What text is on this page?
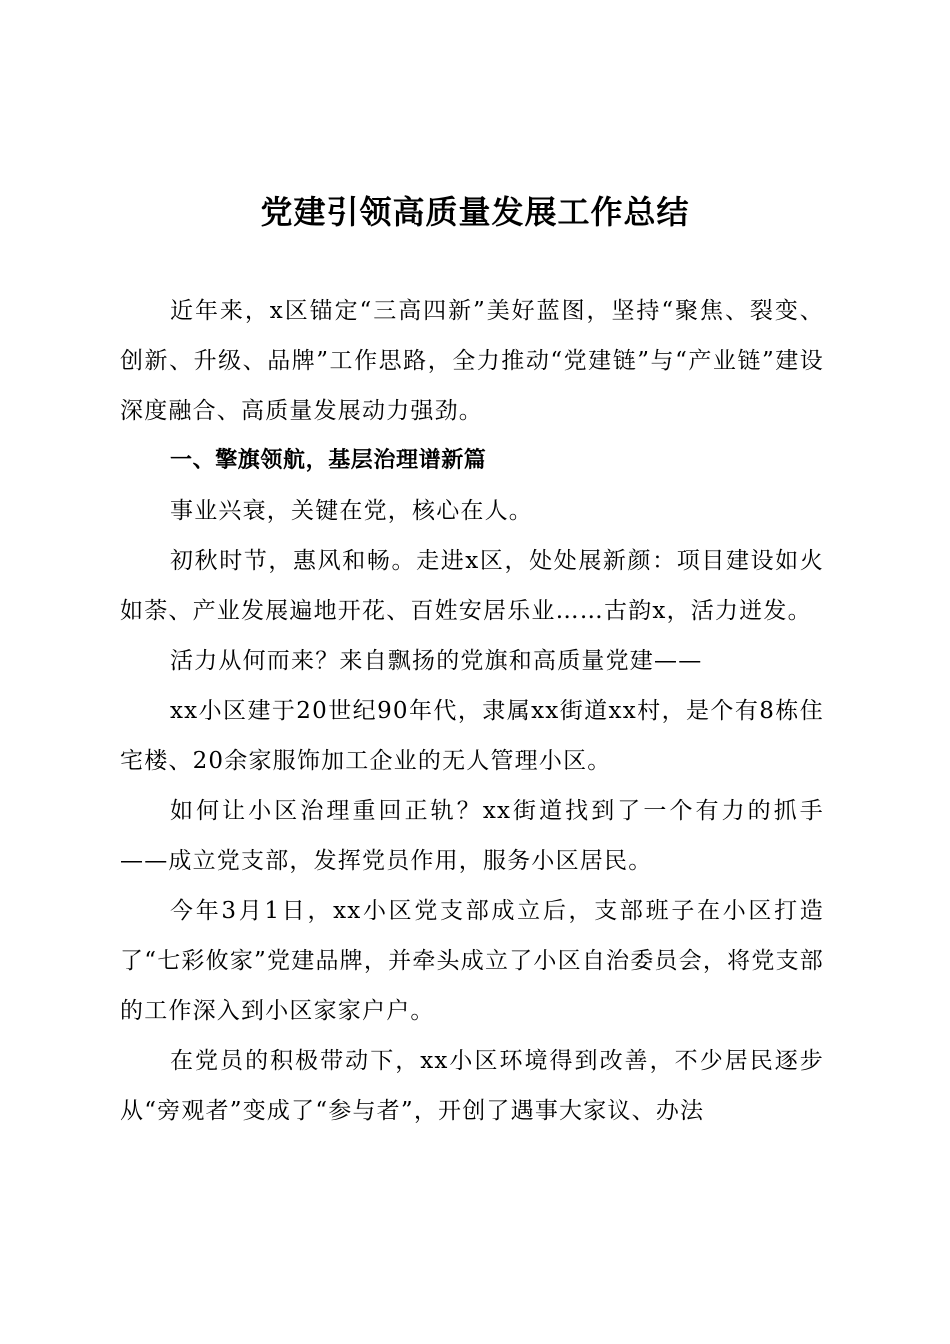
党建引领高质量发展工作总结

近年来，x区锚定“三高四新”美好蓝图，坚持“聚焦、裂变、创新、升级、品牌”工作思路，全力推动“党建链”与“产业链”建设深度融合、高质量发展动力强劲。

一、擎旗领航，基层治理谱新篇

事业兴衰，关键在党，核心在人。

初秋时节，惠风和畅。走进x区，处处展新颜：项目建设如火如荼、产业发展遍地开花、百姓安居乐业……古韵x，活力迸发。

活力从何而来？来自飘扬的党旗和高质量党建——

xx小区建于20世纪90年代，隶属xx街道xx村，是个有8栋住宅楼、20余家服饰加工企业的无人管理小区。

如何让小区治理重回正轨？xx街道找到了一个有力的抓手——成立党支部，发挥党员作用，服务小区居民。

今年3月1日，xx小区党支部成立后，支部班子在小区打造了“七彩攸家”党建品牌，并牵头成立了小区自治委员会，将党支部的工作深入到小区家家户户。

在党员的积极带动下，xx小区环境得到改善，不少居民逐步从“旁观者”变成了“参与者”，开创了遇事大家议、办法
